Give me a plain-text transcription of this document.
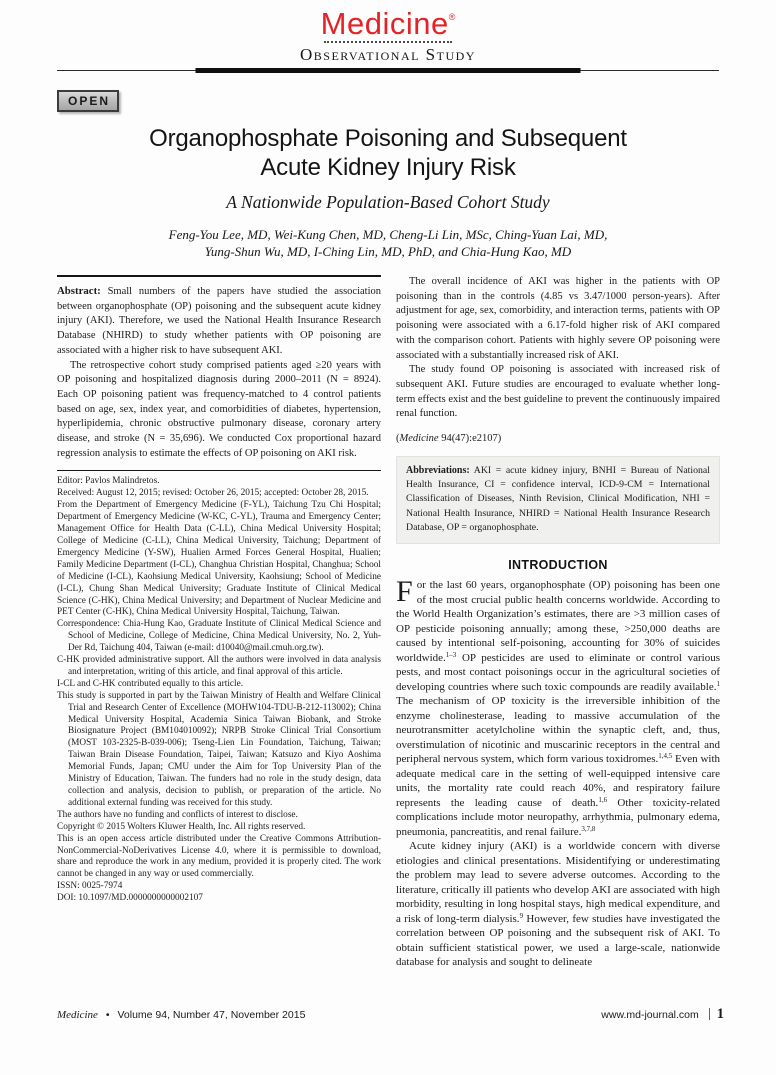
Medicine®
Observational Study
OPEN
Organophosphate Poisoning and Subsequent
Acute Kidney Injury Risk
A Nationwide Population-Based Cohort Study
Feng-You Lee, MD, Wei-Kung Chen, MD, Cheng-Li Lin, MSc, Ching-Yuan Lai, MD,
Yung-Shun Wu, MD, I-Ching Lin, MD, PhD, and Chia-Hung Kao, MD

Abstract: Small numbers of the papers have studied the association between organophosphate (OP) poisoning and the subsequent acute kidney injury (AKI). Therefore, we used the National Health Insurance Research Database (NHIRD) to study whether patients with OP poisoning are associated with a higher risk to have subsequent AKI.

The retrospective cohort study comprised patients aged ≥20 years with OP poisoning and hospitalized diagnosis during 2000–2011 (N = 8924). Each OP poisoning patient was frequency-matched to 4 control patients based on age, sex, index year, and comorbidities of diabetes, hypertension, hyperlipidemia, chronic obstructive pulmonary disease, coronary artery disease, and stroke (N = 35,696). We conducted Cox proportional hazard regression analysis to estimate the effects of OP poisoning on AKI risk.

Editor: Pavlos Malindretos.
Received: August 12, 2015; revised: October 26, 2015; accepted: October 28, 2015.
From the Department of Emergency Medicine (F-YL), Taichung Tzu Chi Hospital; Department of Emergency Medicine (W-KC, C-YL), Trauma and Emergency Center; Management Office for Health Data (C-LL), China Medical University Hospital; College of Medicine (C-LL), China Medical University, Taichung; Department of Emergency Medicine (Y-SW), Hualien Armed Forces General Hospital, Hualien; Family Medicine Department (I-CL), Changhua Christian Hospital, Changhua; School of Medicine (I-CL), Kaohsiung Medical University, Kaohsiung; School of Medicine (I-CL), Chung Shan Medical University; Graduate Institute of Clinical Medical Science (C-HK), China Medical University; and Department of Nuclear Medicine and PET Center (C-HK), China Medical University Hospital, Taichung, Taiwan.
Correspondence: Chia-Hung Kao, Graduate Institute of Clinical Medical Science and School of Medicine, College of Medicine, China Medical University, No. 2, Yuh-Der Rd, Taichung 404, Taiwan (e-mail: d10040@mail.cmuh.org.tw).
C-HK provided administrative support. All the authors were involved in data analysis and interpretation, writing of this article, and final approval of this article.
I-CL and C-HK contributed equally to this article.
This study is supported in part by the Taiwan Ministry of Health and Welfare Clinical Trial and Research Center of Excellence (MOHW104-TDU-B-212-113002); China Medical University Hospital, Academia Sinica Taiwan Biobank, and Stroke Biosignature Project (BM104010092); NRPB Stroke Clinical Trial Consortium (MOST 103-2325-B-039-006); Tseng-Lien Lin Foundation, Taichung, Taiwan; Taiwan Brain Disease Foundation, Taipei, Taiwan; Katsuzo and Kiyo Aoshima Memorial Funds, Japan; CMU under the Aim for Top University Plan of the Ministry of Education, Taiwan. The funders had no role in the study design, data collection and analysis, decision to publish, or preparation of the article. No additional external funding was received for this study.
The authors have no funding and conflicts of interest to disclose.
Copyright © 2015 Wolters Kluwer Health, Inc. All rights reserved.
This is an open access article distributed under the Creative Commons Attribution-NonCommercial-NoDerivatives License 4.0, where it is permissible to download, share and reproduce the work in any medium, provided it is properly cited. The work cannot be changed in any way or used commercially.
ISSN: 0025-7974
DOI: 10.1097/MD.0000000000002107

The overall incidence of AKI was higher in the patients with OP poisoning than in the controls (4.85 vs 3.47/1000 person-years). After adjustment for age, sex, comorbidity, and interaction terms, patients with OP poisoning were associated with a 6.17-fold higher risk of AKI compared with the comparison cohort. Patients with highly severe OP poisoning were associated with a substantially increased risk of AKI.

The study found OP poisoning is associated with increased risk of subsequent AKI. Future studies are encouraged to evaluate whether long-term effects exist and the best guideline to prevent the continuously impaired renal function.

(Medicine 94(47):e2107)

Abbreviations: AKI = acute kidney injury, BNHI = Bureau of National Health Insurance, CI = confidence interval, ICD-9-CM = International Classification of Diseases, Ninth Revision, Clinical Modification, NHI = National Health Insurance, NHIRD = National Health Insurance Research Database, OP = organophosphate.
INTRODUCTION

For the last 60 years, organophosphate (OP) poisoning has been one of the most crucial public health concerns worldwide. According to the World Health Organization’s estimates, there are >3 million cases of OP pesticide poisoning annually; among these, >250,000 deaths are caused by intentional self-poisoning, accounting for 30% of suicides worldwide.$^{1-3}$ OP pesticides are used to eliminate or control various pests, and most contact poisonings occur in the agricultural societies of developing countries where such toxic compounds are readily available.$^1$ The mechanism of OP toxicity is the irreversible inhibition of the enzyme cholinesterase, leading to massive accumulation of the neurotransmitter acetylcholine within the synaptic cleft, and, thus, overstimulation of nicotinic and muscarinic receptors in the central and peripheral nervous system, which form various toxidromes.$^{1,4,5}$ Even with adequate medical care in the setting of well-equipped intensive care units, the mortality rate could reach 40%, and respiratory failure represents the leading cause of death.$^{1,6}$ Other toxicity-related complications include motor neuropathy, arrhythmia, pulmonary edema, pneumonia, pancreatitis, and renal failure.$^{3,7,8}$

Acute kidney injury (AKI) is a worldwide concern with diverse etiologies and clinical presentations. Misidentifying or underestimating the problem may lead to severe adverse outcomes. According to the literature, critically ill patients who develop AKI are associated with high morbidity, resulting in long hospital stays, high medical expenditure, and a risk of long-term dialysis.$^9$ However, few studies have investigated the correlation between OP poisoning and the subsequent risk of AKI. To obtain sufficient statistical power, we used a large-scale, nationwide database for analysis and sought to delineate

Medicine • Volume 94, Number 47, November 2015	www.md-journal.com 1
